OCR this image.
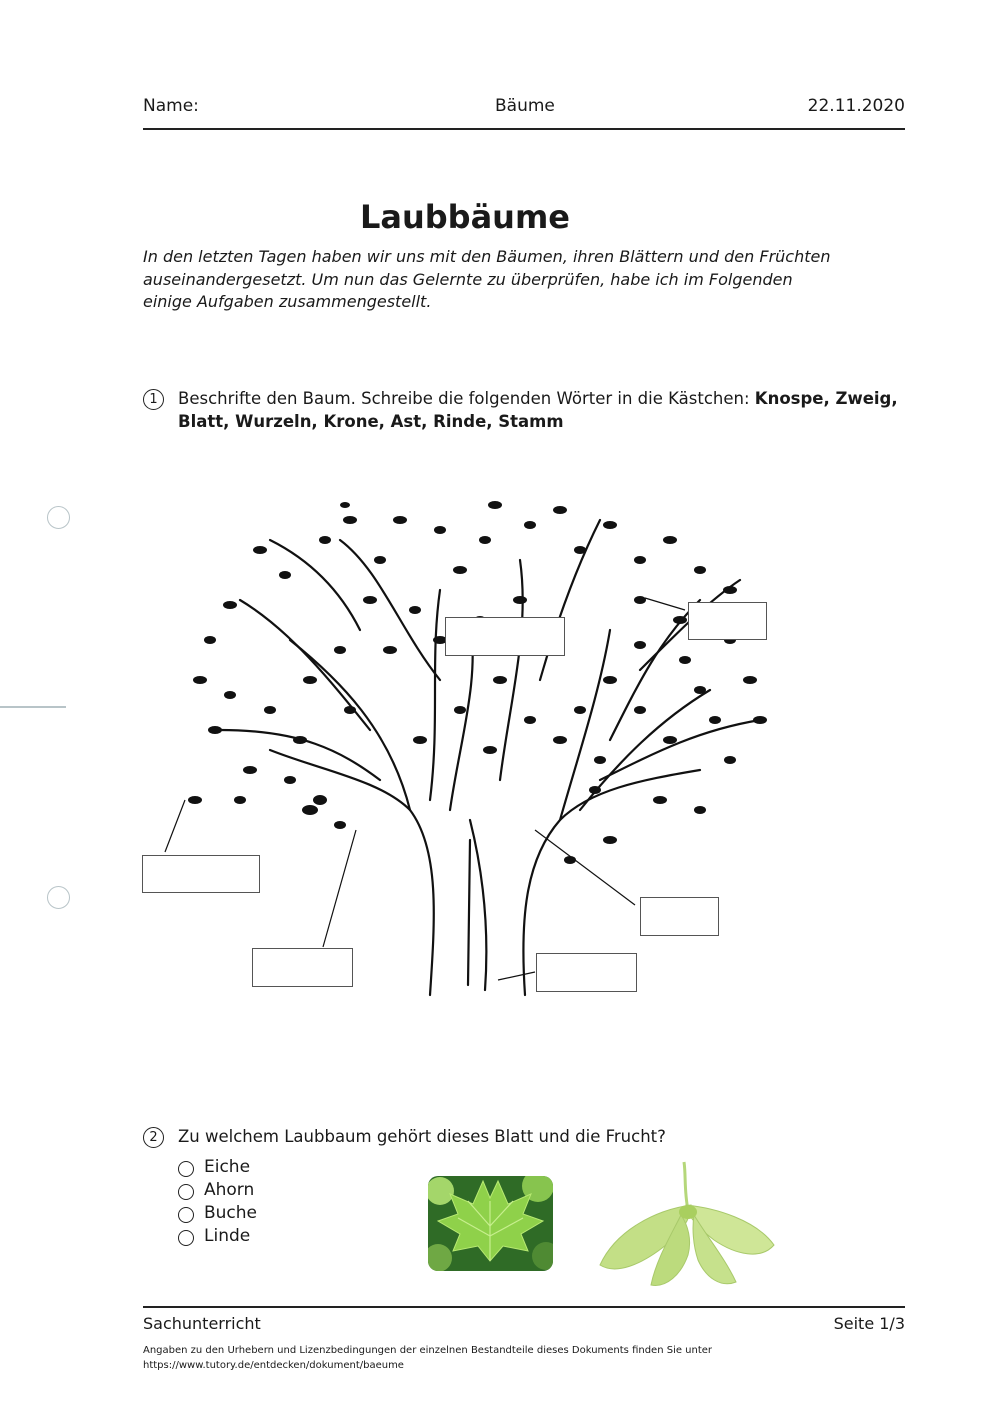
Name:	Bäume	22.11.2020
Laubbäume
In den letzten Tagen haben wir uns mit den Bäumen, ihren Blättern und den Früchten auseinandergesetzt. Um nun das Gelernte zu überprüfen, habe ich im Folgenden einige Aufgaben zusammengestellt.
1	Beschrifte den Baum. Schreibe die folgenden Wörter in die Kästchen: Knospe, Zweig, Blatt, Wurzeln, Krone, Ast, Rinde, Stamm
2	Zu welchem Laubbaum gehört dieses Blatt und die Frucht?
Eiche
Ahorn
Buche
Linde
Sachunterricht	Seite 1/3
Angaben zu den Urhebern und Lizenzbedingungen der einzelnen Bestandteile dieses Dokuments finden Sie unter
https://www.tutory.de/entdecken/dokument/baeume
